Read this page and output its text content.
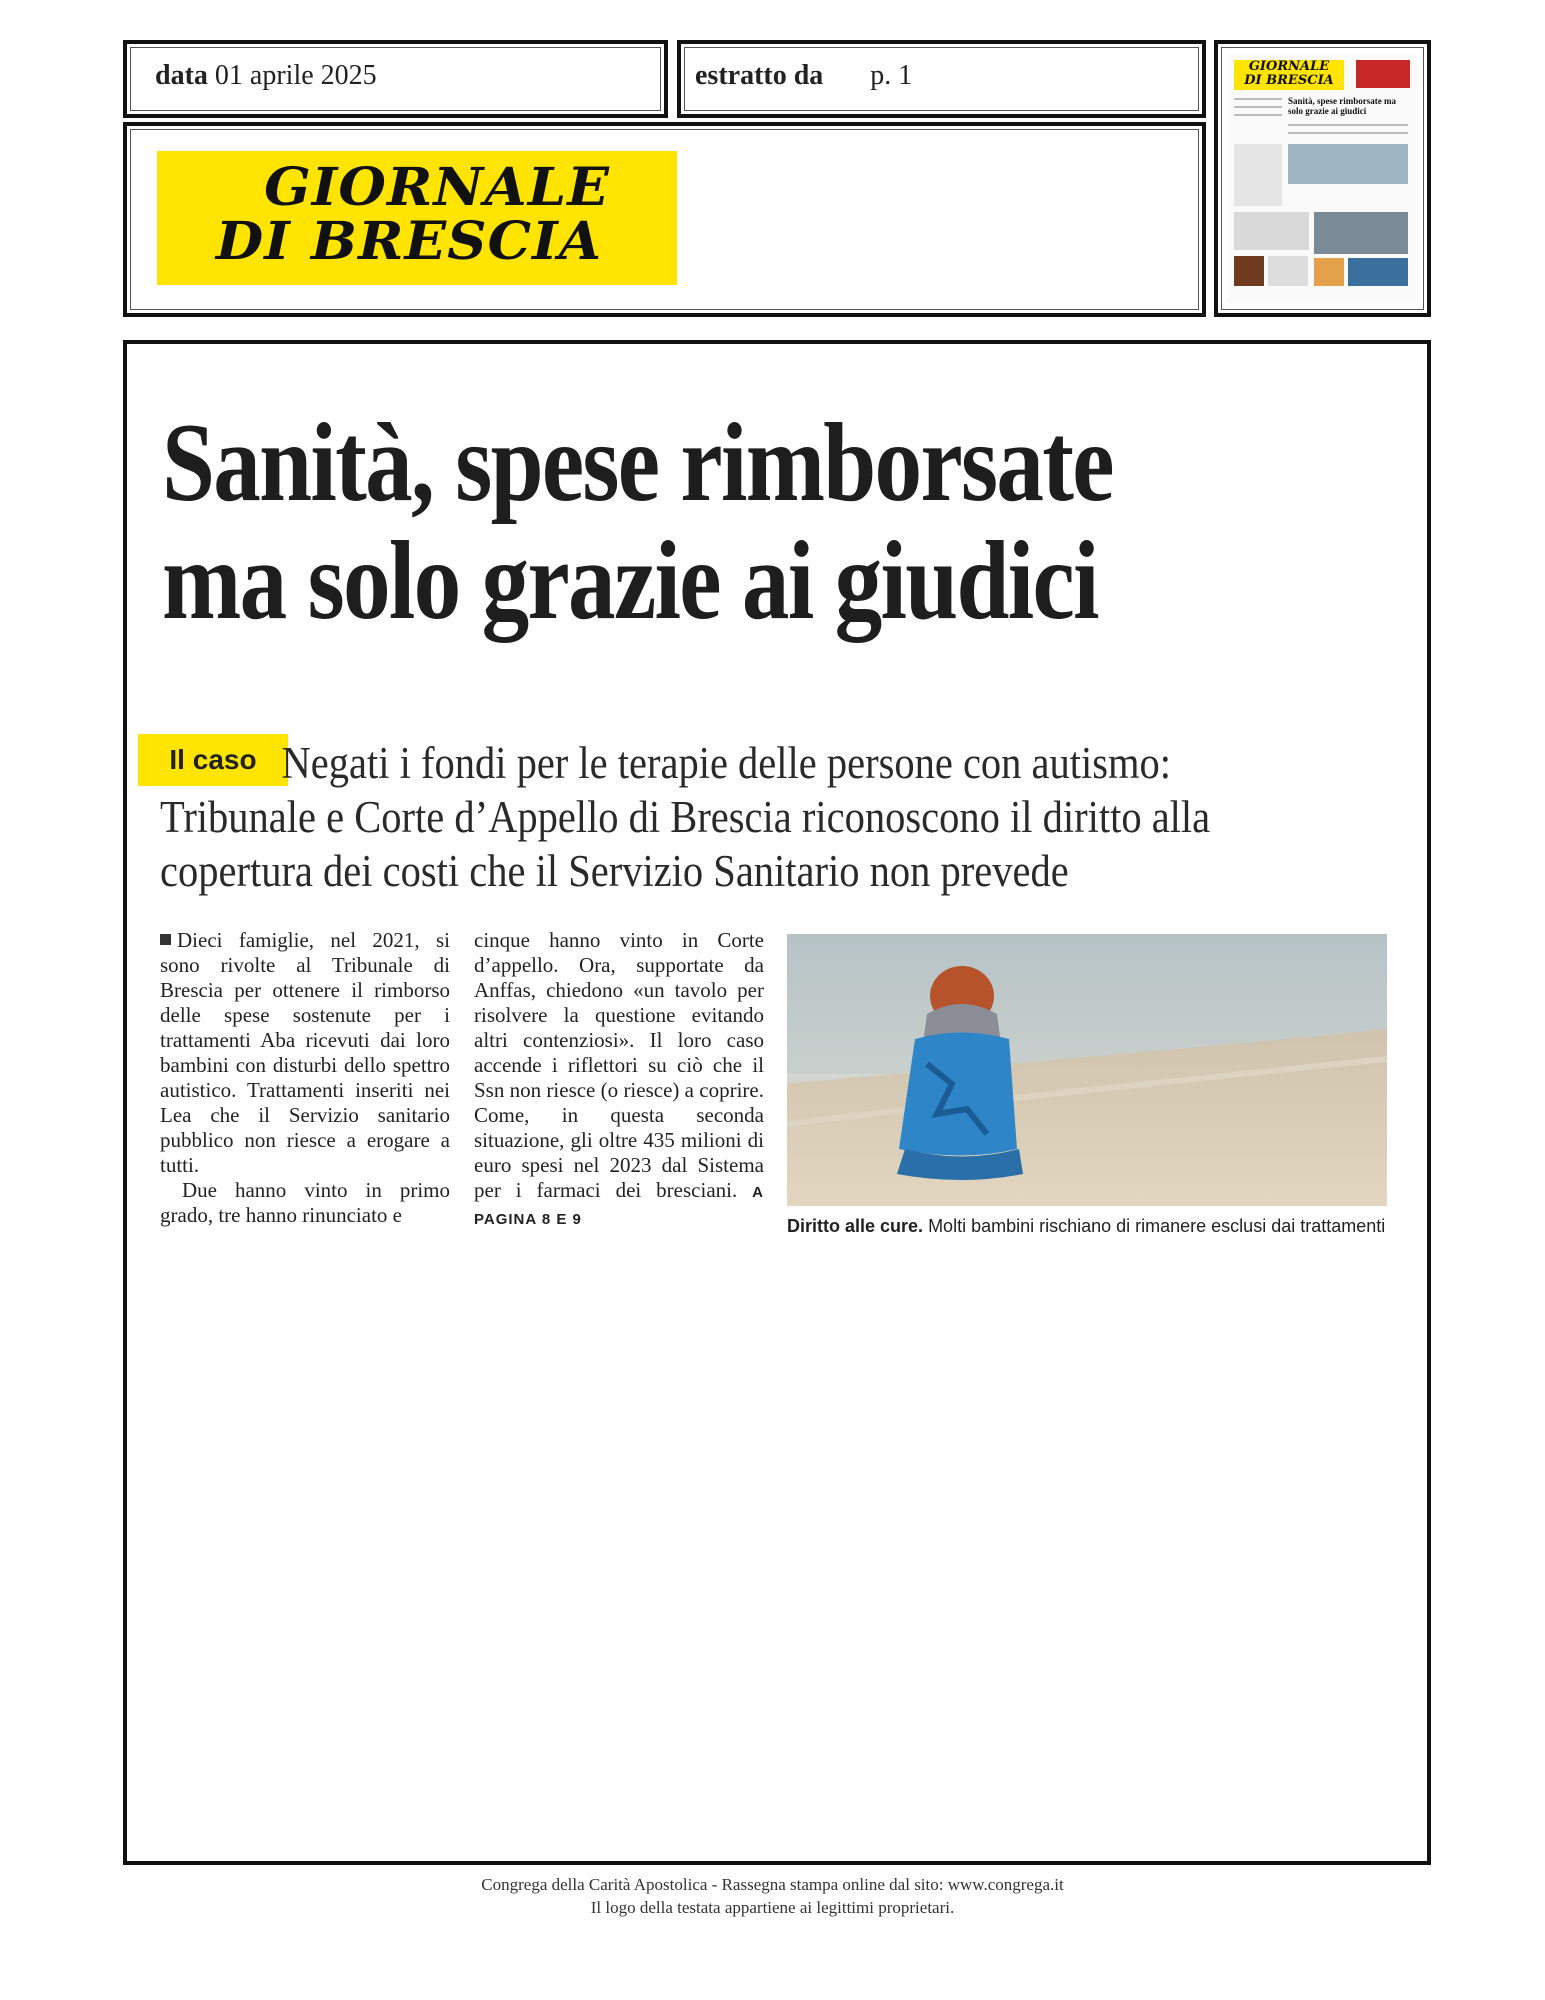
data 01 aprile 2025	estratto da p. 1
GIORNALE
DI BRESCIA
GIORNALE
DI BRESCIA
Sanità, spese rimborsate ma solo grazie ai giudici
Sanità, spese rimborsate ma solo grazie ai giudici
Il caso Negati i fondi per le terapie delle persone con autismo: Tribunale e Corte d’Appello di Brescia riconoscono il diritto alla copertura dei costi che il Servizio Sanitario non prevede

Dieci famiglie, nel 2021, si sono rivolte al Tribunale di Brescia per ottenere il rimborso delle spese sostenute per i trattamenti Aba ricevuti dai loro bambini con disturbi dello spettro autistico. Trattamenti inseriti nei Lea che il Servizio sanitario pubblico non riesce a erogare a tutti.

Due hanno vinto in primo grado, tre hanno rinunciato e

cinque hanno vinto in Corte d’appello. Ora, supportate da Anffas, chiedono «un tavolo per risolvere la questione evitando altri contenziosi». Il loro caso accende i riflettori su ciò che il Ssn non riesce (o riesce) a coprire. Come, in questa seconda situazione, gli oltre 435 milioni di euro spesi nel 2023 dal Sistema per i farmaci dei bresciani. A PAGINA 8 E 9	Diritto alle cure. Molti bambini rischiano di rimanere esclusi dai trattamenti

Congrega della Carità Apostolica - Rassegna stampa online dal sito: www.congrega.it
Il logo della testata appartiene ai legittimi proprietari.
